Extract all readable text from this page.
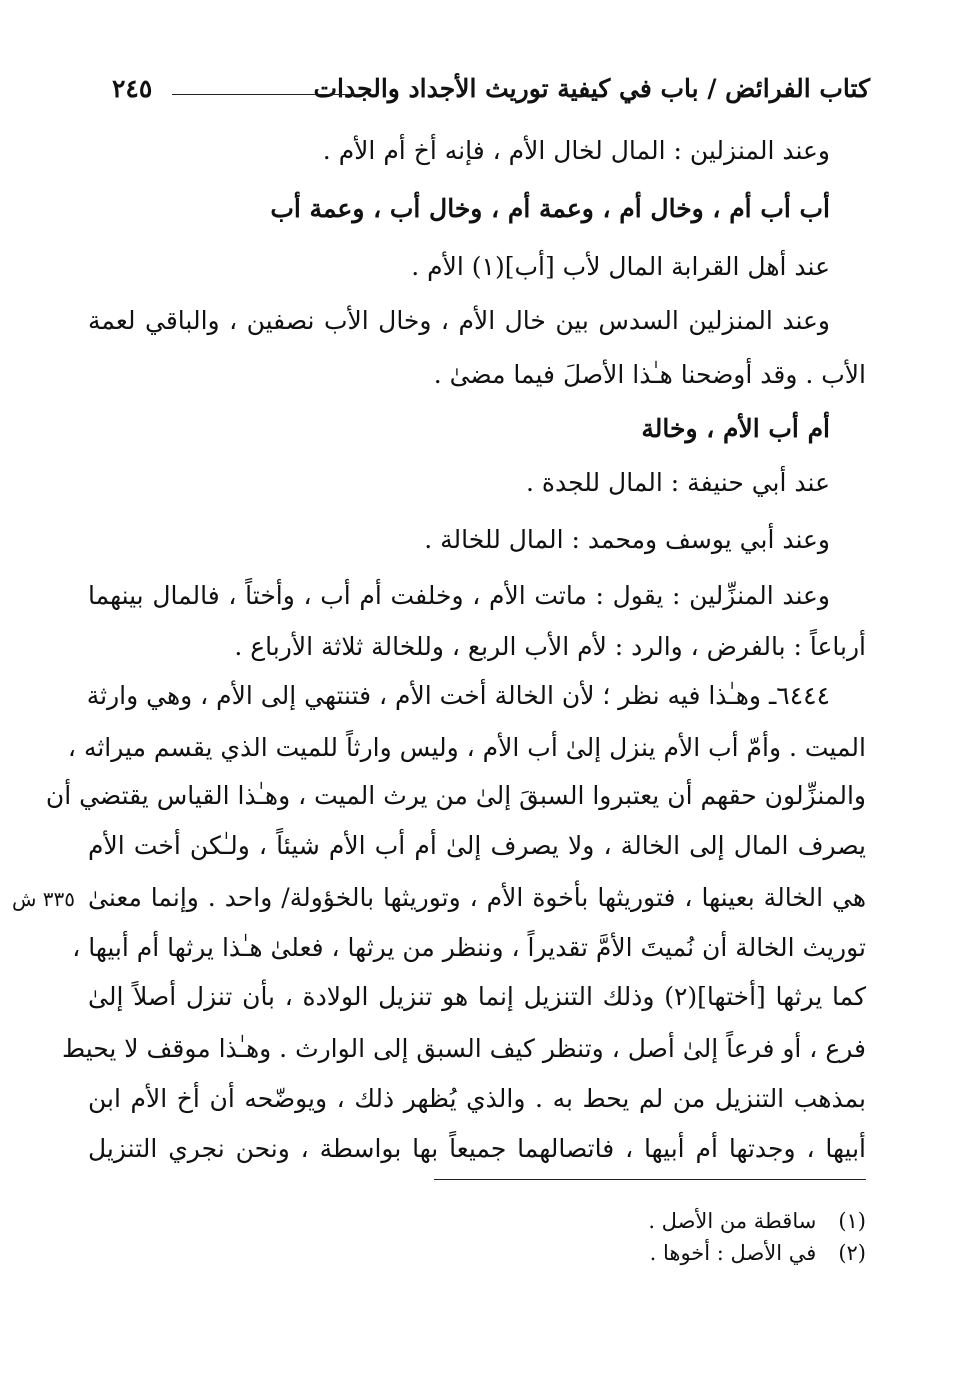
كتاب الفرائض / باب في كيفية توريث الأجداد والجدات
٢٤٥
وعند المنزلين : المال لخال الأم ، فإنه أخ أم الأم .
أب أب أم ، وخال أم ، وعمة أم ، وخال أب ، وعمة أب
عند أهل القرابة المال لأب [أب](١) الأم .
وعند المنزلين السدس بين خال الأم ، وخال الأب نصفين ، والباقي لعمة
الأب . وقد أوضحنا هـٰذا الأصلَ فيما مضىٰ .
أم أب الأم ، وخالة
عند أبي حنيفة : المال للجدة .
وعند أبي يوسف ومحمد : المال للخالة .
وعند المنزِّلين : يقول : ماتت الأم ، وخلفت أم أب ، وأختاً ، فالمال بينهما
أرباعاً : بالفرض ، والرد : لأم الأب الربع ، وللخالة ثلاثة الأرباع .
٦٤٤٤ـ وهـٰذا فيه نظر ؛ لأن الخالة أخت الأم ، فتنتهي إلى الأم ، وهي وارثة
الميت . وأمّ أب الأم ينزل إلىٰ أب الأم ، وليس وارثاً للميت الذي يقسم ميراثه ،
والمنزِّلون حقهم أن يعتبروا السبقَ إلىٰ من يرث الميت ، وهـٰذا القياس يقتضي أن
يصرف المال إلى الخالة ، ولا يصرف إلىٰ أم أب الأم شيئاً ، ولـٰكن أخت الأم
هي الخالة بعينها ، فتوريثها بأخوة الأم ، وتوريثها بالخؤولة/ واحد . وإنما معنىٰ
توريث الخالة أن نُميتَ الأمَّ تقديراً ، وننظر من يرثها ، فعلىٰ هـٰذا يرثها أم أبيها ،
كما يرثها [أختها](٢) وذلك التنزيل إنما هو تنزيل الولادة ، بأن تنزل أصلاً إلىٰ
فرع ، أو فرعاً إلىٰ أصل ، وتنظر كيف السبق إلى الوارث . وهـٰذا موقف لا يحيط
بمذهب التنزيل من لم يحط به . والذي يُظهر ذلك ، ويوضّحه أن أخ الأم ابن
أبيها ، وجدتها أم أبيها ، فاتصالهما جميعاً بها بواسطة ، ونحن نجري التنزيل
٣٣٥ ش
(١)ساقطة من الأصل .
(٢)في الأصل : أخوها .
